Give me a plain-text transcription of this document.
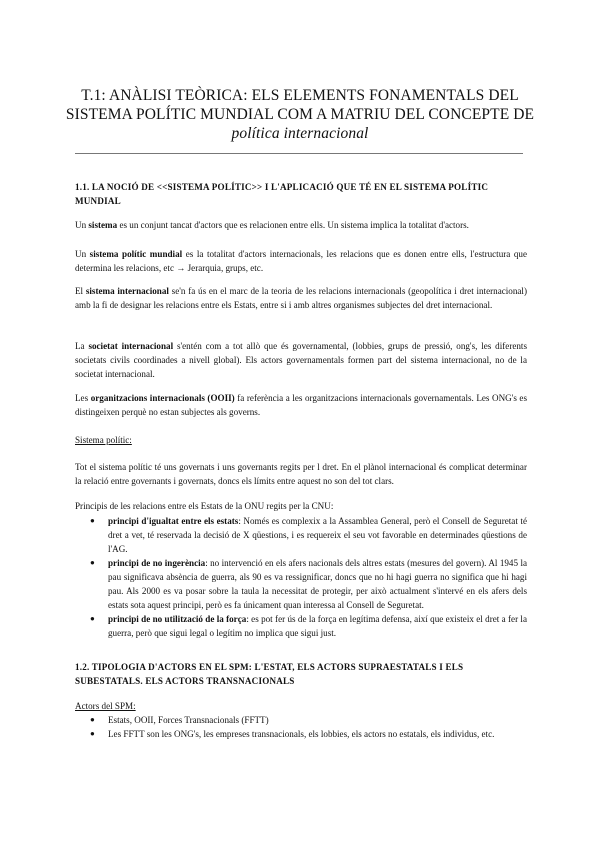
T.1: ANÀLISI TEÒRICA: ELS ELEMENTS FONAMENTALS DEL
SISTEMA POLÍTIC MUNDIAL COM A MATRIU DEL CONCEPTE DE
política internacional
1.1. LA NOCIÓ DE <<SISTEMA POLÍTIC>> I L'APLICACIÓ QUE TÉ EN EL SISTEMA POLÍTIC MUNDIAL
Un sistema es un conjunt tancat d'actors que es relacionen entre ells. Un sistema implica la totalitat d'actors.
Un sistema polític mundial es la totalitat d'actors internacionals, les relacions que es donen entre ells, l'estructura que determina les relacions, etc → Jerarquia, grups, etc.
El sistema internacional se'n fa ús en el marc de la teoria de les relacions internacionals (geopolítica i dret internacional) amb la fi de designar les relacions entre els Estats, entre si i amb altres organismes subjectes del dret internacional.
La societat internacional s'entén com a tot allò que és governamental, (lobbies, grups de pressió, ong's, les diferents societats civils coordinades a nivell global). Els actors governamentals formen part del sistema internacional, no de la societat internacional.
Les organitzacions internacionals (OOII) fa referència a les organitzacions internacionals governamentals. Les ONG's es distingeixen perquè no estan subjectes als governs.
Sistema polític:
Tot el sistema polític té uns governats i uns governants regits per l dret. En el plànol internacional és complicat determinar la relació entre governants i governats, doncs els límits entre aquest no son del tot clars.
Principis de les relacions entre els Estats de la ONU regits per la CNU:
● principi d'igualtat entre els estats: Només es complexix a la Assamblea General, però el Consell de Seguretat té dret a vet, té reservada la decisió de X qüestions, i es requereix el seu vot favorable en determinades qüestions de l'AG.
● principi de no ingerència: no intervenció en els afers nacionals dels altres estats (mesures del govern). Al 1945 la pau significava absència de guerra, als 90 es va ressignificar, doncs que no hi hagi guerra no significa que hi hagi pau. Als 2000 es va posar sobre la taula la necessitat de protegir, per això actualment s'intervé en els afers dels estats sota aquest principi, però es fa únicament quan interessa al Consell de Seguretat.
● principi de no utilització de la força: es pot fer ús de la força en legítima defensa, així que existeix el dret a fer la guerra, però que sigui legal o legítim no implica que sigui just.
1.2. TIPOLOGIA D'ACTORS EN EL SPM: L'ESTAT, ELS ACTORS SUPRAESTATALS I ELS SUBESTATALS. ELS ACTORS TRANSNACIONALS
Actors del SPM:
● Estats, OOII, Forces Transnacionals (FFTT)
● Les FFTT son les ONG's, les empreses transnacionals, els lobbies, els actors no estatals, els individus, etc.
